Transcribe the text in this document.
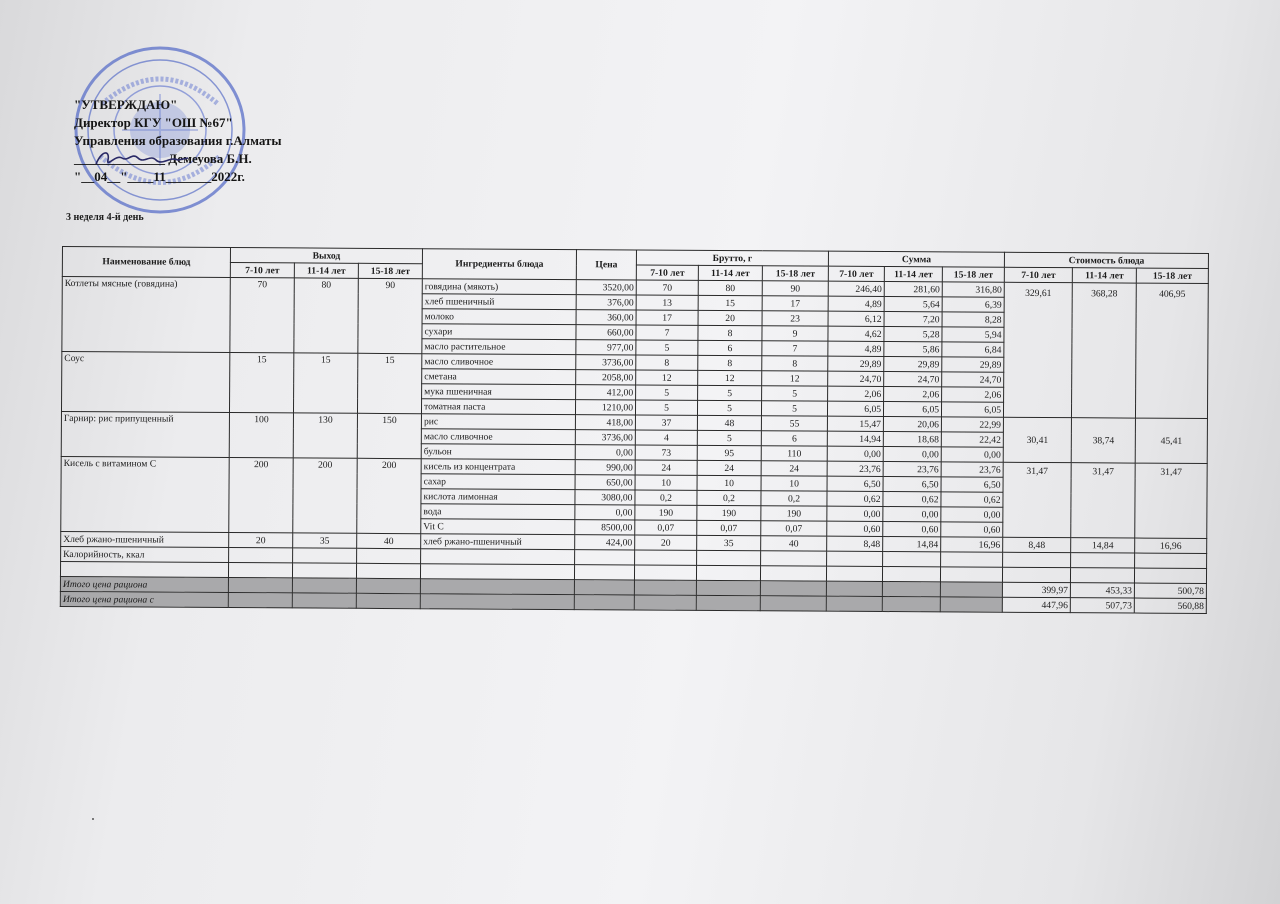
"УТВЕРЖДАЮ"
Директор КГУ "ОШ №67"
Управления образования г.Алматы
______________ Демеуова Б.Н.
"__04__"____11_______2022г.
3 неделя 4-й день
Наименование блюд	Выход			Ингредиенты блюда	Цена	Брутто, г			Сумма			Стоимость блюда		
	7-10 лет	11-14 лет	15-18 лет			7-10 лет	11-14 лет	15-18 лет	7-10 лет	11-14 лет	15-18 лет	7-10 лет	11-14 лет	15-18 лет
Котлеты мясные (говядина)	70	80	90	говядина (мякоть)	3520,00	70	80	90	246,40	281,60	316,80	329,61	368,28	406,95
				хлеб пшеничный	376,00	13	15	17	4,89	5,64	6,39			
				молоко	360,00	17	20	23	6,12	7,20	8,28			
				сухари	660,00	7	8	9	4,62	5,28	5,94			
				масло растительное	977,00	5	6	7	4,89	5,86	6,84			
Соус	15	15	15	масло сливочное	3736,00	8	8	8	29,89	29,89	29,89			
				сметана	2058,00	12	12	12	24,70	24,70	24,70			
				мука пшеничная	412,00	5	5	5	2,06	2,06	2,06			
				томатная паста	1210,00	5	5	5	6,05	6,05	6,05			
Гарнир: рис припущенный	100	130	150	рис	418,00	37	48	55	15,47	20,06	22,99	30,41	38,74	45,41
				масло сливочное	3736,00	4	5	6	14,94	18,68	22,42			
				бульон	0,00	73	95	110	0,00	0,00	0,00			
Кисель с витамином С	200	200	200	кисель из концентрата	990,00	24	24	24	23,76	23,76	23,76	31,47	31,47	31,47
				сахар	650,00	10	10	10	6,50	6,50	6,50			
				кислота лимонная	3080,00	0,2	0,2	0,2	0,62	0,62	0,62			
				вода	0,00	190	190	190	0,00	0,00	0,00			
				Vit C	8500,00	0,07	0,07	0,07	0,60	0,60	0,60			
Хлеб ржано-пшеничный	20	35	40	хлеб ржано-пшеничный	424,00	20	35	40	8,48	14,84	16,96	8,48	14,84	16,96
Калорийность, ккал														

Итого цена рациона												399,97	453,33	500,78
Итого цена рациона с												447,96	507,73	560,88
